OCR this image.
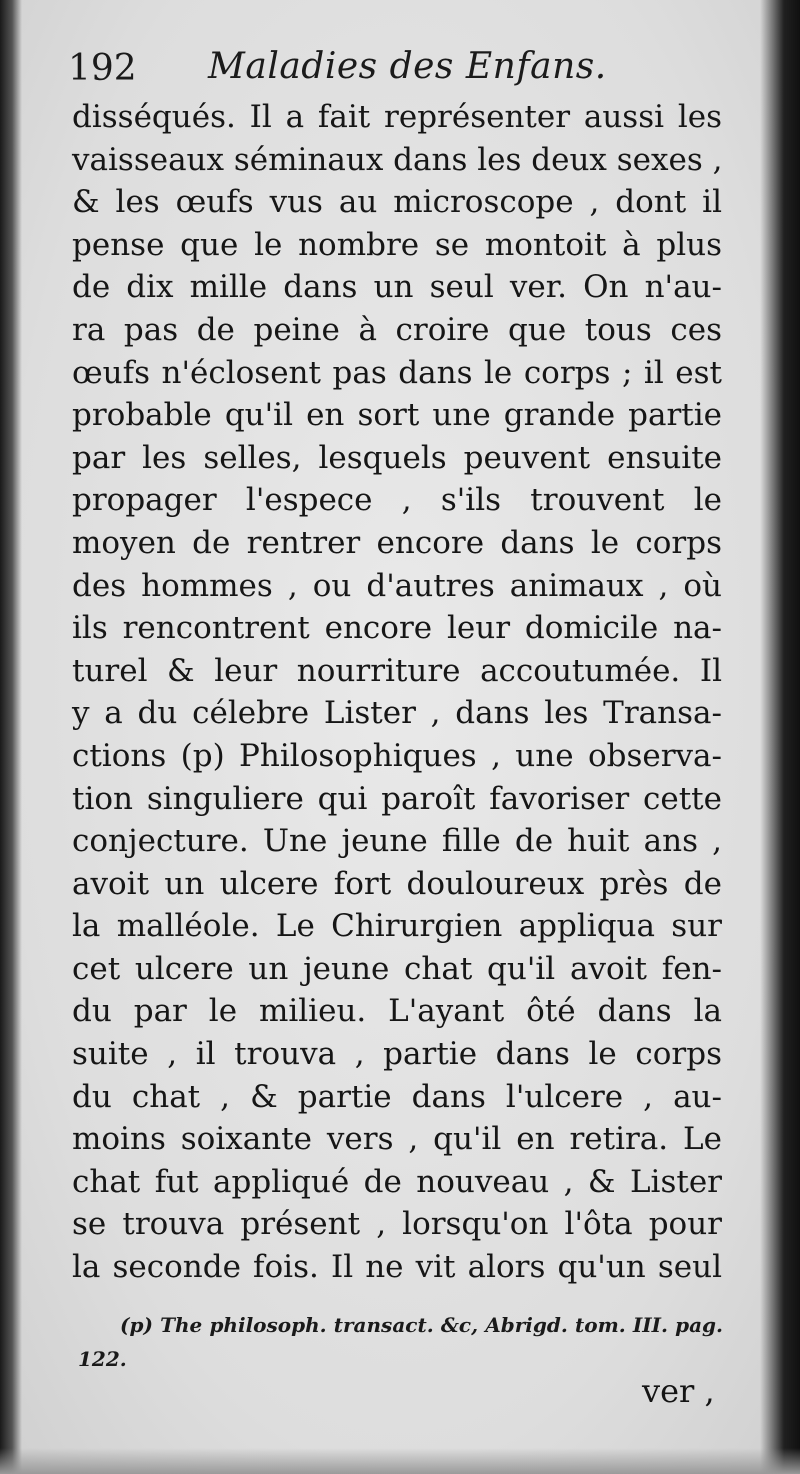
192 Maladies des Enfans.
disséqués. Il a fait représenter aussi les
vaisseaux séminaux dans les deux sexes ,
& les œufs vus au microscope , dont il
pense que le nombre se montoit à plus
de dix mille dans un seul ver. On n'au-
ra pas de peine à croire que tous ces
œufs n'éclosent pas dans le corps ; il est
probable qu'il en sort une grande partie
par les selles, lesquels peuvent ensuite
propager l'espece , s'ils trouvent le
moyen de rentrer encore dans le corps
des hommes , ou d'autres animaux , où
ils rencontrent encore leur domicile na-
turel & leur nourriture accoutumée. Il
y a du célebre Lister , dans les Transa-
ctions (p) Philosophiques , une observa-
tion singuliere qui paroît favoriser cette
conjecture. Une jeune fille de huit ans ,
avoit un ulcere fort douloureux près de
la malléole. Le Chirurgien appliqua sur
cet ulcere un jeune chat qu'il avoit fen-
du par le milieu. L'ayant ôté dans la
suite , il trouva , partie dans le corps
du chat , & partie dans l'ulcere , au-
moins soixante vers , qu'il en retira. Le
chat fut appliqué de nouveau , & Lister
se trouva présent , lorsqu'on l'ôta pour
la seconde fois. Il ne vit alors qu'un seul
(p) The philosoph. transact. &c, Abrigd. tom. III. pag.
122.
ver ,
